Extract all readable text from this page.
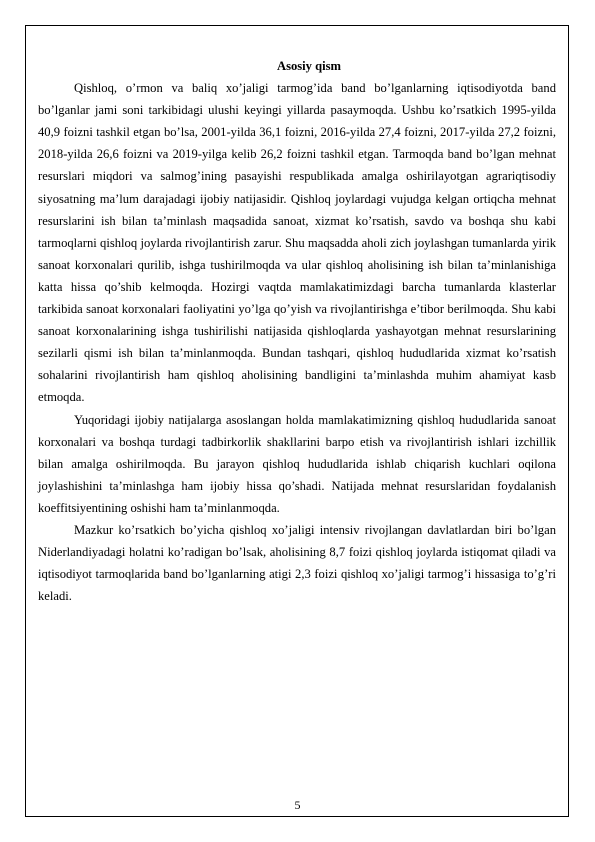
Asosiy qism

Qishloq, o’rmon va baliq xo’jaligi tarmog’ida band bo’lganlarning iqtisodiyotda band bo’lganlar jami soni tarkibidagi ulushi keyingi yillarda pasaymoqda. Ushbu ko’rsatkich 1995-yilda 40,9 foizni tashkil etgan bo’lsa, 2001-yilda 36,1 foizni, 2016-yilda 27,4 foizni, 2017-yilda 27,2 foizni, 2018-yilda 26,6 foizni va 2019-yilga kelib 26,2 foizni tashkil etgan. Tarmoqda band bo’lgan mehnat resurslari miqdori va salmog’ining pasayishi respublikada amalga oshirilayotgan agrariqtisodiy siyosatning ma’lum darajadagi ijobiy natijasidir. Qishloq joylardagi vujudga kelgan ortiqcha mehnat resurslarini ish bilan ta’minlash maqsadida sanoat, xizmat ko’rsatish, savdo va boshqa shu kabi tarmoqlarni qishloq joylarda rivojlantirish zarur. Shu maqsadda aholi zich joylashgan tumanlarda yirik sanoat korxonalari qurilib, ishga tushirilmoqda va ular qishloq aholisining ish bilan ta’minlanishiga katta hissa qo’shib kelmoqda. Hozirgi vaqtda mamlakatimizdagi barcha tumanlarda klasterlar tarkibida sanoat korxonalari faoliyatini yo’lga qo’yish va rivojlantirishga e’tibor berilmoqda. Shu kabi sanoat korxonalarining ishga tushirilishi natijasida qishloqlarda yashayotgan mehnat resurslarining sezilarli qismi ish bilan ta’minlanmoqda. Bundan tashqari, qishloq hududlarida xizmat ko’rsatish sohalarini rivojlantirish ham qishloq aholisining bandligini ta’minlashda muhim ahamiyat kasb etmoqda.

Yuqoridagi ijobiy natijalarga asoslangan holda mamlakatimizning qishloq hududlarida sanoat korxonalari va boshqa turdagi tadbirkorlik shakllarini barpo etish va rivojlantirish ishlari izchillik bilan amalga oshirilmoqda. Bu jarayon qishloq hududlarida ishlab chiqarish kuchlari oqilona joylashishini ta’minlashga ham ijobiy hissa qo’shadi. Natijada mehnat resurslaridan foydalanish koeffitsiyentining oshishi ham ta’minlanmoqda.

Mazkur ko’rsatkich bo’yicha qishloq xo’jaligi intensiv rivojlangan davlatlardan biri bo’lgan Niderlandiyadagi holatni ko’radigan bo’lsak, aholisining 8,7 foizi qishloq joylarda istiqomat qiladi va iqtisodiyot tarmoqlarida band bo’lganlarning atigi 2,3 foizi qishloq xo’jaligi tarmog’i hissasiga to’g’ri keladi.

5
